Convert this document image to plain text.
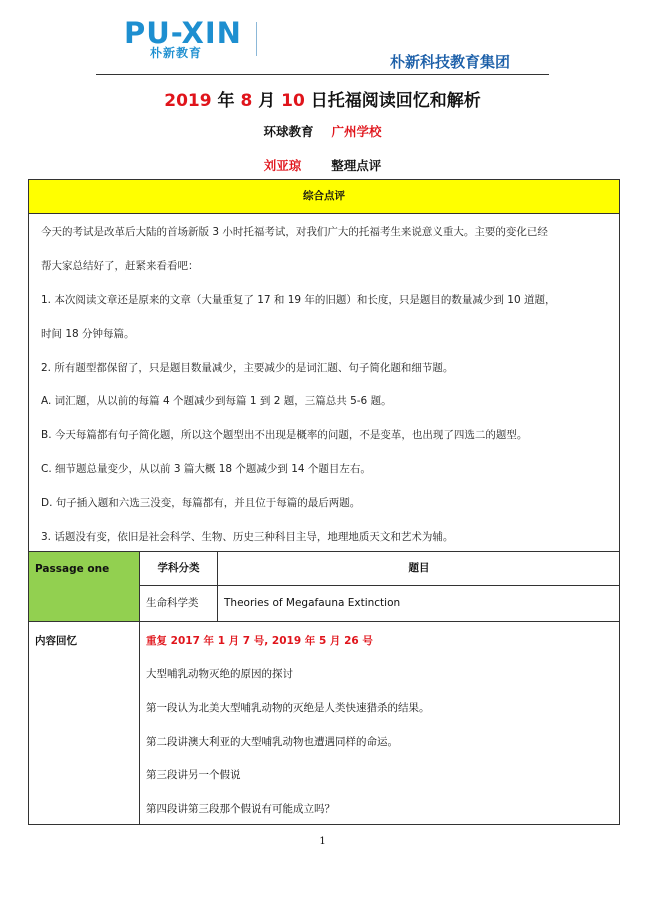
PU-XIN
朴新教育	朴新科技教育集团
2019 年 8 月 10 日托福阅读回忆和解析
环球教育 广州学校
刘亚琼 整理点评
综合点评
今天的考试是改革后大陆的首场新版 3 小时托福考试，对我们广大的托福考生来说意义重大。主要的变化已经
帮大家总结好了，赶紧来看看吧：
1. 本次阅读文章还是原来的文章（大量重复了 17 和 19 年的旧题）和长度，只是题目的数量减少到 10 道题，
时间 18 分钟每篇。
2. 所有题型都保留了，只是题目数量减少，主要减少的是词汇题、句子简化题和细节题。
A. 词汇题，从以前的每篇 4 个题减少到每篇 1 到 2 题，三篇总共 5-6 题。
B. 今天每篇都有句子简化题，所以这个题型出不出现是概率的问题，不是变革，也出现了四选二的题型。
C. 细节题总量变少，从以前 3 篇大概 18 个题减少到 14 个题目左右。
D. 句子插入题和六选三没变，每篇都有，并且位于每篇的最后两题。
3. 话题没有变，依旧是社会科学、生物、历史三种科目主导，地理地质天文和艺术为辅。
Passage one	学科分类	题目
生命科学类	Theories of Megafauna Extinction
内容回忆	重复 2017 年 1 月 7 号, 2019 年 5 月 26 号
大型哺乳动物灭绝的原因的探讨
第一段认为北美大型哺乳动物的灭绝是人类快速猎杀的结果。
第二段讲澳大利亚的大型哺乳动物也遭遇同样的命运。
第三段讲另一个假说
第四段讲第三段那个假说有可能成立吗？
1
